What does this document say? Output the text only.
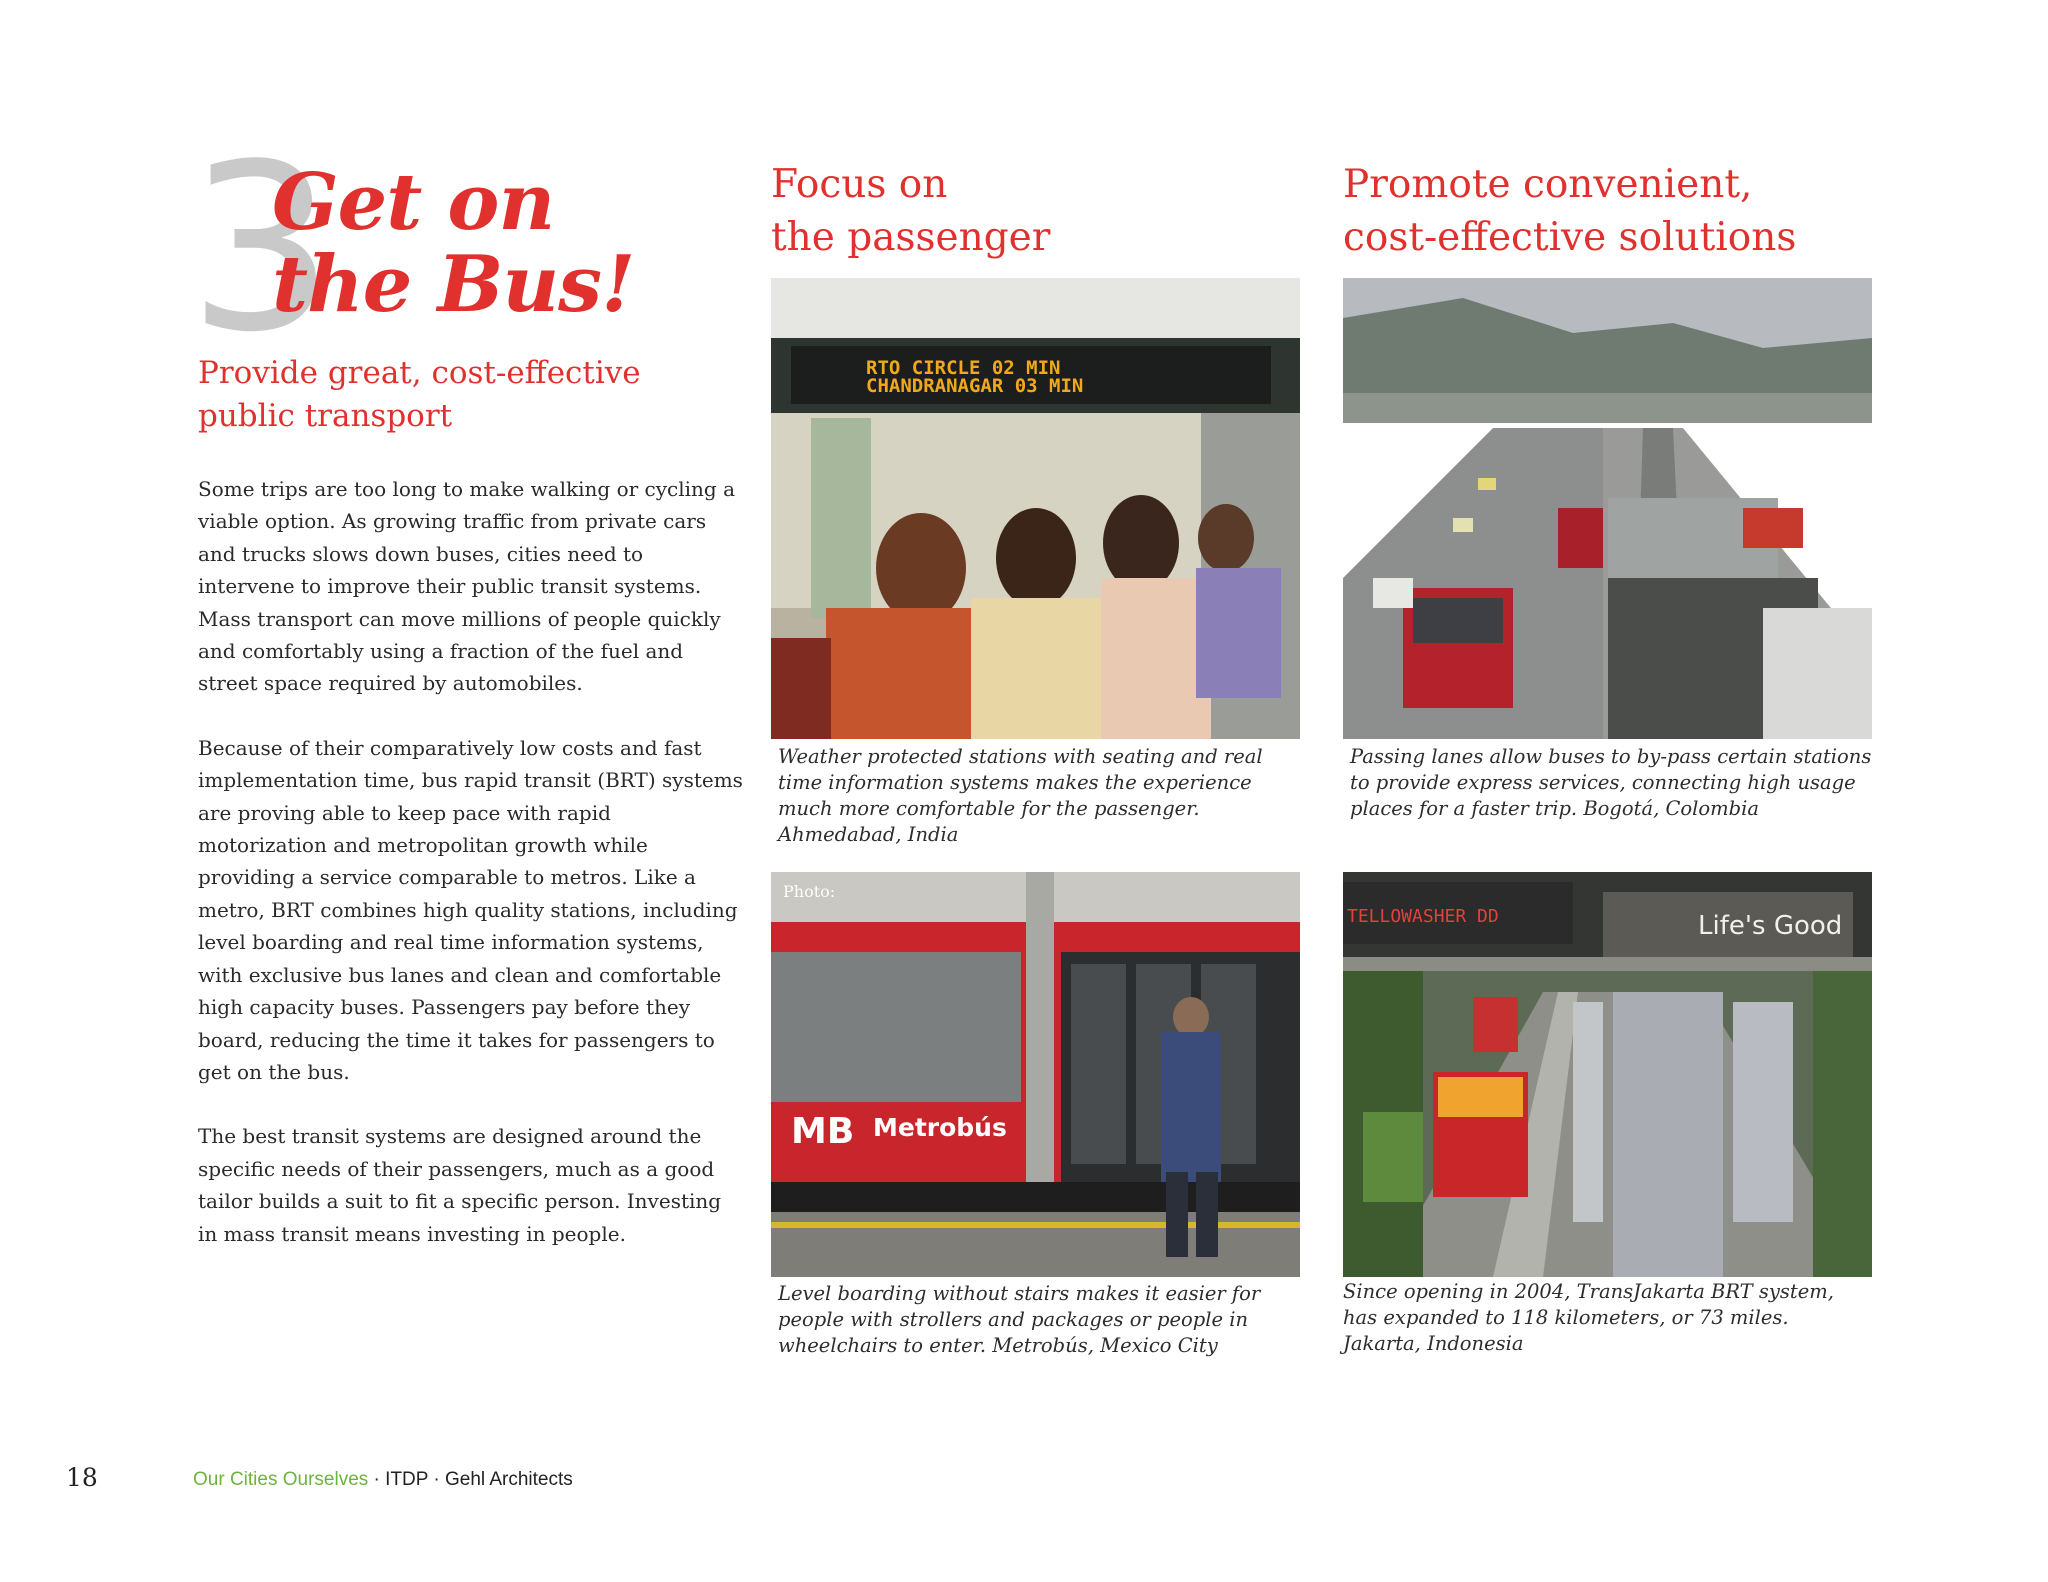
3
Get on
the Bus!
Provide great, cost-effective public transport

Some trips are too long to make walking or cycling a viable option. As growing traffic from private cars and trucks slows down buses, cities need to intervene to improve their public transit systems. Mass transport can move millions of people quickly and comfortably using a fraction of the fuel and street space required by automobiles.

Because of their comparatively low costs and fast implementation time, bus rapid transit (BRT) systems are proving able to keep pace with rapid motorization and metropolitan growth while providing a service comparable to metros. Like a metro, BRT combines high quality stations, including level boarding and real time information systems, with exclusive bus lanes and clean and comfortable high capacity buses. Passengers pay before they board, reducing the time it takes for passengers to get on the bus.

The best transit systems are designed around the specific needs of their passengers, much as a good tailor builds a suit to fit a specific person. Investing in mass transit means investing in people.

Focus on
the passenger
Promote convenient,
cost-effective solutions
RTO CIRCLE 02 MIN
CHANDRANAGAR 03 MIN
MB Metrobús
Photo:
TELLOWASHER DD	Life's Good

Weather protected stations with seating and real time information systems makes the experience much more comfortable for the passenger. Ahmedabad, India

Passing lanes allow buses to by-pass certain stations to provide express services, connecting high usage places for a faster trip. Bogotá, Colombia

Level boarding without stairs makes it easier for people with strollers and packages or people in wheelchairs to enter. Metrobús, Mexico City

Since opening in 2004, TransJakarta BRT system, has expanded to 118 kilometers, or 73 miles. Jakarta, Indonesia

18	Our Cities Ourselves · ITDP · Gehl Architects
